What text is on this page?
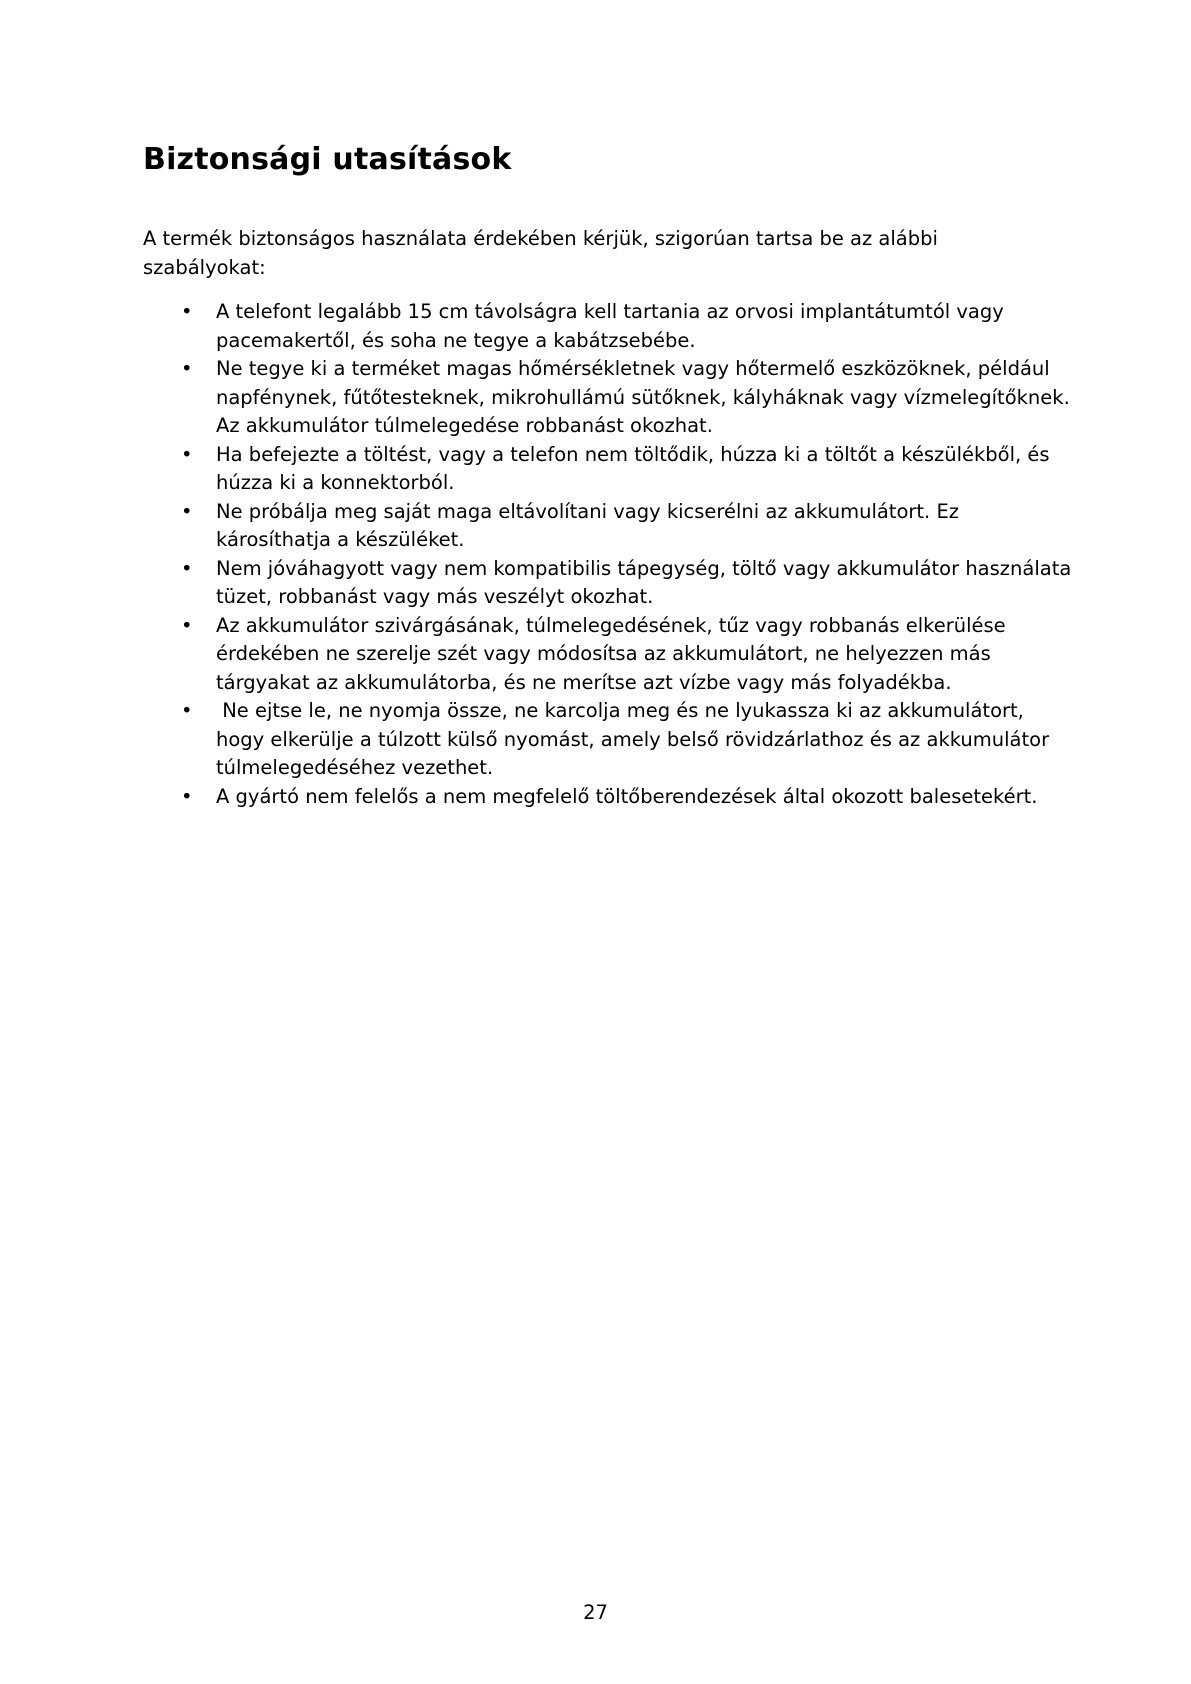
Biztonsági utasítások

A termék biztonságos használata érdekében kérjük, szigorúan tartsa be az alábbi szabályokat:

• A telefont legalább 15 cm távolságra kell tartania az orvosi implantátumtól vagy pacemakertől, és soha ne tegye a kabátzsebébe.
• Ne tegye ki a terméket magas hőmérsékletnek vagy hőtermelő eszközöknek, például napfénynek, fűtőtesteknek, mikrohullámú sütőknek, kályháknak vagy vízmelegítőknek. Az akkumulátor túlmelegedése robbanást okozhat.
• Ha befejezte a töltést, vagy a telefon nem töltődik, húzza ki a töltőt a készülékből, és húzza ki a konnektorból.
• Ne próbálja meg saját maga eltávolítani vagy kicserélni az akkumulátort. Ez károsíthatja a készüléket.
• Nem jóváhagyott vagy nem kompatibilis tápegység, töltő vagy akkumulátor használata tüzet, robbanást vagy más veszélyt okozhat.
• Az akkumulátor szivárgásának, túlmelegedésének, tűz vagy robbanás elkerülése érdekében ne szerelje szét vagy módosítsa az akkumulátort, ne helyezzen más tárgyakat az akkumulátorba, és ne merítse azt vízbe vagy más folyadékba.
• Ne ejtse le, ne nyomja össze, ne karcolja meg és ne lyukassza ki az akkumulátort, hogy elkerülje a túlzott külső nyomást, amely belső rövidzárlathoz és az akkumulátor túlmelegedéséhez vezethet.
• A gyártó nem felelős a nem megfelelő töltőberendezések által okozott balesetekért.

27
